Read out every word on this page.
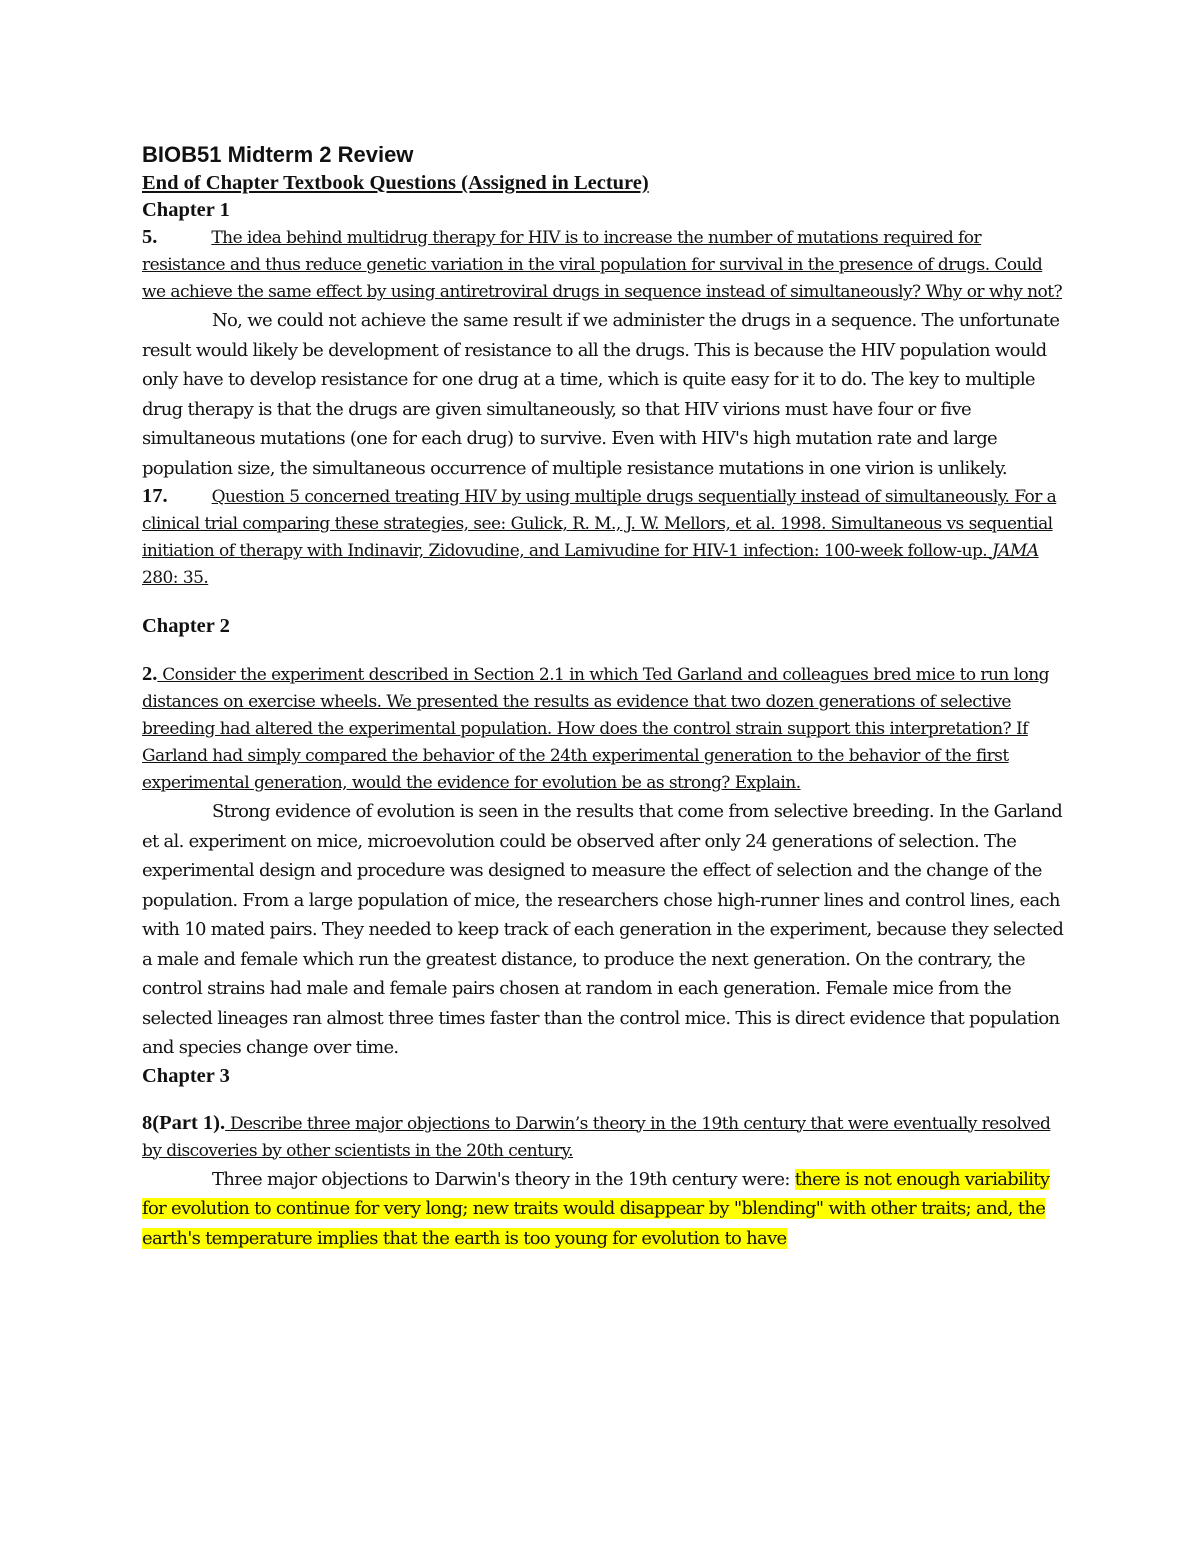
BIOB51 Midterm 2 Review

End of Chapter Textbook Questions (Assigned in Lecture)

Chapter 1

5.	The idea behind multidrug therapy for HIV is to increase the number of mutations required for resistance and thus reduce genetic variation in the viral population for survival in the presence of drugs. Could we achieve the same effect by using antiretroviral drugs in sequence instead of simultaneously? Why or why not?

No, we could not achieve the same result if we administer the drugs in a sequence. The unfortunate result would likely be development of resistance to all the drugs. This is because the HIV population would only have to develop resistance for one drug at a time, which is quite easy for it to do. The key to multiple drug therapy is that the drugs are given simultaneously, so that HIV virions must have four or five simultaneous mutations (one for each drug) to survive. Even with HIV's high mutation rate and large population size, the simultaneous occurrence of multiple resistance mutations in one virion is unlikely.

17.	Question 5 concerned treating HIV by using multiple drugs sequentially instead of simultaneously. For a clinical trial comparing these strategies, see: Gulick, R. M., J. W. Mellors, et al. 1998. Simultaneous vs sequential initiation of therapy with Indinavir, Zidovudine, and Lamivudine for HIV-1 infection: 100-week follow-up. JAMA 280: 35.

Chapter 2

2. Consider the experiment described in Section 2.1 in which Ted Garland and colleagues bred mice to run long distances on exercise wheels. We presented the results as evidence that two dozen generations of selective breeding had altered the experimental population. How does the control strain support this interpretation? If Garland had simply compared the behavior of the 24th experimental generation to the behavior of the first experimental generation, would the evidence for evolution be as strong? Explain.

Strong evidence of evolution is seen in the results that come from selective breeding. In the Garland et al. experiment on mice, microevolution could be observed after only 24 generations of selection. The experimental design and procedure was designed to measure the effect of selection and the change of the population. From a large population of mice, the researchers chose high-runner lines and control lines, each with 10 mated pairs. They needed to keep track of each generation in the experiment, because they selected a male and female which run the greatest distance, to produce the next generation. On the contrary, the control strains had male and female pairs chosen at random in each generation. Female mice from the selected lineages ran almost three times faster than the control mice. This is direct evidence that population and species change over time.

Chapter 3

8(Part 1). Describe three major objections to Darwin’s theory in the 19th century that were eventually resolved by discoveries by other scientists in the 20th century.

Three major objections to Darwin's theory in the 19th century were: there is not enough variability for evolution to continue for very long; new traits would disappear by "blending" with other traits; and, the earth's temperature implies that the earth is too young for evolution to have
